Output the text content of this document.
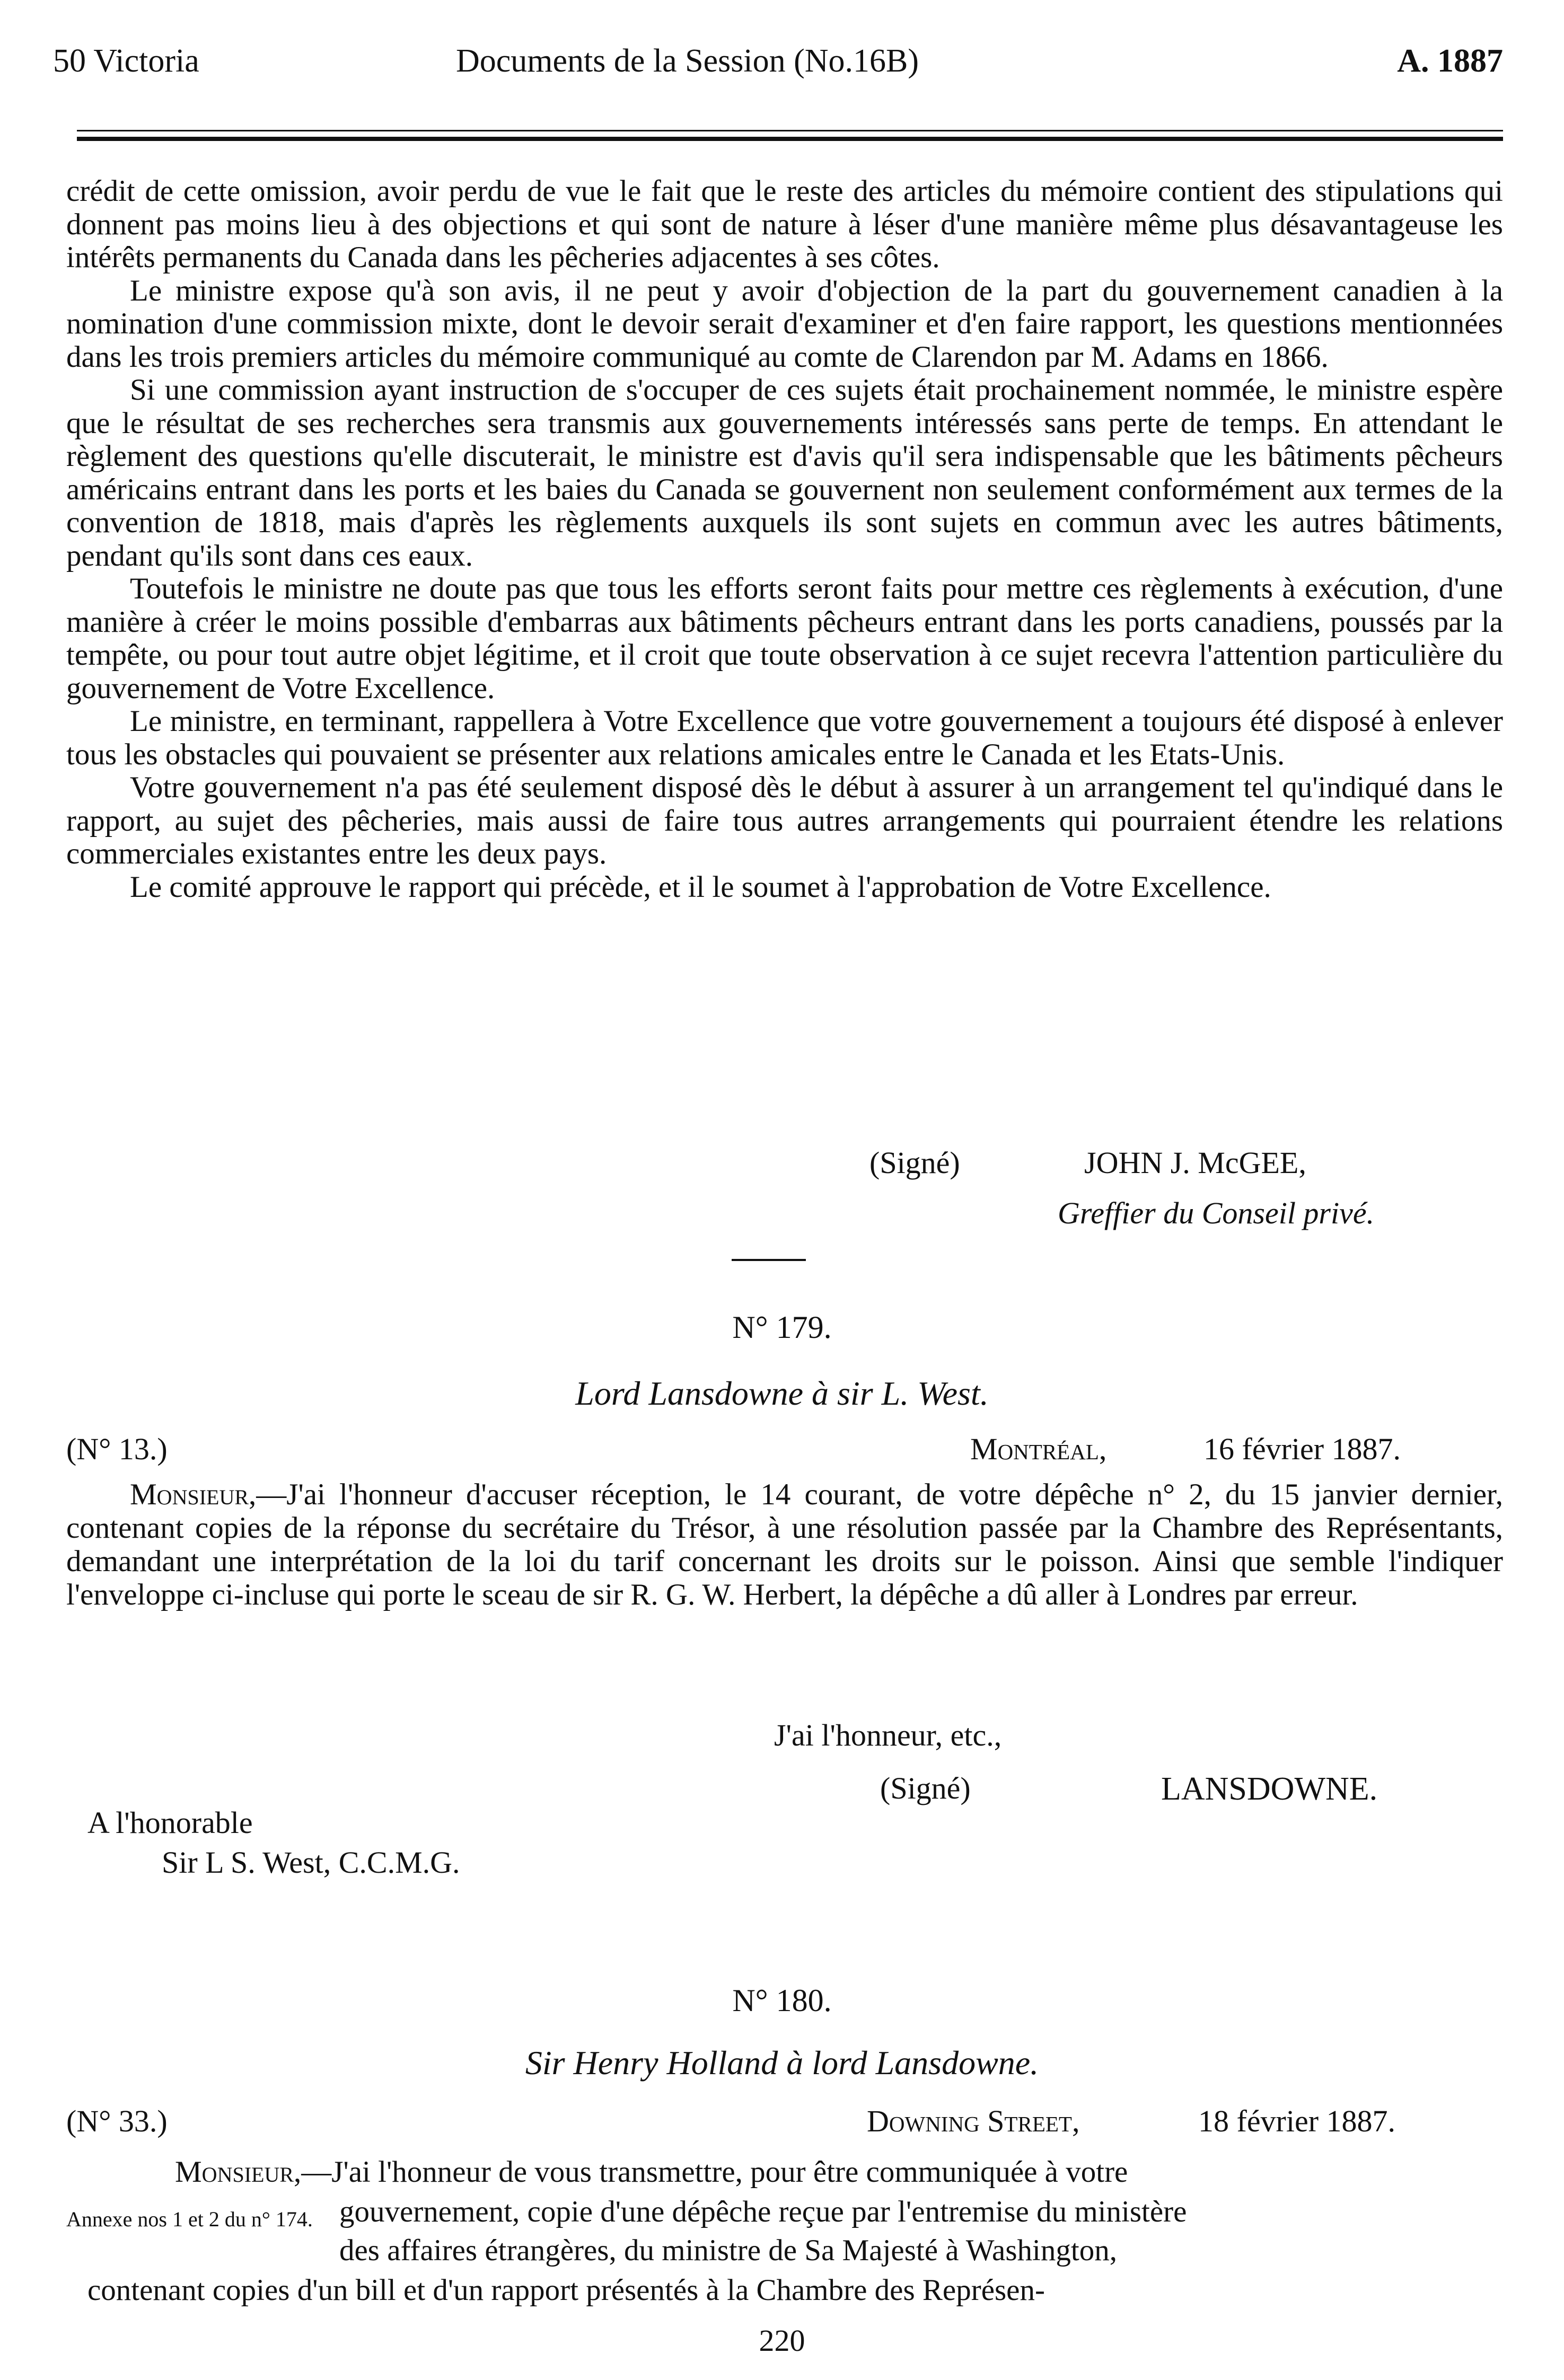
50 Victoria	Documents de la Session (No.16B)	A. 1887

crédit de cette omission, avoir perdu de vue le fait que le reste des articles du mémoire contient des stipulations qui donnent pas moins lieu à des objections et qui sont de nature à léser d'une manière même plus désavantageuse les intérêts permanents du Canada dans les pêcheries adjacentes à ses côtes.

Le ministre expose qu'à son avis, il ne peut y avoir d'objection de la part du gouvernement canadien à la nomination d'une commission mixte, dont le devoir serait d'examiner et d'en faire rapport, les questions mentionnées dans les trois premiers articles du mémoire communiqué au comte de Clarendon par M. Adams en 1866.

Si une commission ayant instruction de s'occuper de ces sujets était prochainement nommée, le ministre espère que le résultat de ses recherches sera transmis aux gouvernements intéressés sans perte de temps. En attendant le règlement des questions qu'elle discuterait, le ministre est d'avis qu'il sera indispensable que les bâtiments pêcheurs américains entrant dans les ports et les baies du Canada se gouvernent non seulement conformément aux termes de la convention de 1818, mais d'après les règlements auxquels ils sont sujets en commun avec les autres bâtiments, pendant qu'ils sont dans ces eaux.

Toutefois le ministre ne doute pas que tous les efforts seront faits pour mettre ces règlements à exécution, d'une manière à créer le moins possible d'embarras aux bâtiments pêcheurs entrant dans les ports canadiens, poussés par la tempête, ou pour tout autre objet légitime, et il croit que toute observation à ce sujet recevra l'attention particulière du gouvernement de Votre Excellence.

Le ministre, en terminant, rappellera à Votre Excellence que votre gouvernement a toujours été disposé à enlever tous les obstacles qui pouvaient se présenter aux relations amicales entre le Canada et les Etats-Unis.

Votre gouvernement n'a pas été seulement disposé dès le début à assurer à un arrangement tel qu'indiqué dans le rapport, au sujet des pêcheries, mais aussi de faire tous autres arrangements qui pourraient étendre les relations commerciales existantes entre les deux pays.

Le comité approuve le rapport qui précède, et il le soumet à l'approbation de Votre Excellence.

(Signé)	JOHN J. McGEE,
Greffier du Conseil privé.
N° 179.
Lord Lansdowne à sir L. West.
(N° 13.)	Montréal,	16 février 1887.
Monsieur,—J'ai l'honneur d'accuser réception, le 14 courant, de votre dépêche n° 2, du 15 janvier dernier, contenant copies de la réponse du secrétaire du Trésor, à une résolution passée par la Chambre des Représentants, demandant une interprétation de la loi du tarif concernant les droits sur le poisson. Ainsi que semble l'indiquer l'enveloppe ci-incluse qui porte le sceau de sir R. G. W. Herbert, la dépêche a dû aller à Londres par erreur.
J'ai l'honneur, etc.,
(Signé)	LANSDOWNE.
A l'honorable
Sir L S. West, C.C.M.G.
N° 180.
Sir Henry Holland à lord Lansdowne.
(N° 33.)	Downing Street,	18 février 1887.
Monsieur,—J'ai l'honneur de vous transmettre, pour être communiquée à votre
Annexe nos 1 et 2 du n° 174. gouvernement, copie d'une dépêche reçue par l'entremise du ministère
des affaires étrangères, du ministre de Sa Majesté à Washington,
contenant copies d'un bill et d'un rapport présentés à la Chambre des Représen-
220
